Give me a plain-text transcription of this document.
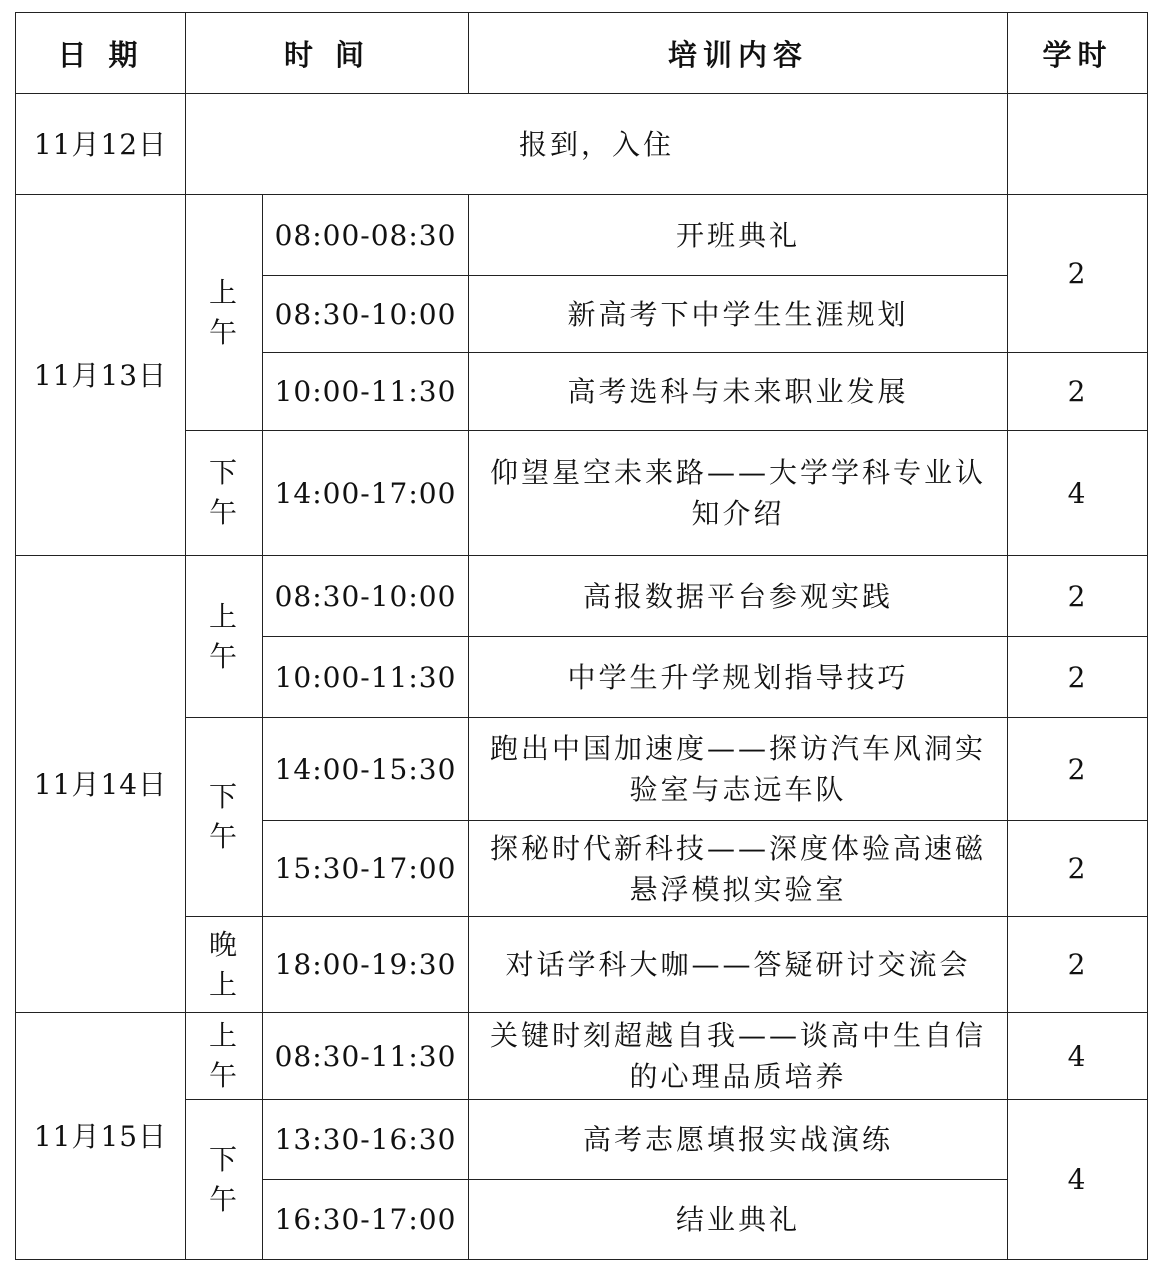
日 期	时 间		培训内容	学时
11月12日	报到，入住			
11月13日	上午	08:00-08:30	开班典礼	2
		08:30-10:00	新高考下中学生生涯规划	
		10:00-11:30	高考选科与未来职业发展	2
	下午	14:00-17:00	仰望星空未来路——大学学科专业认知介绍	4
11月14日	上午	08:30-10:00	高报数据平台参观实践	2
		10:00-11:30	中学生升学规划指导技巧	2
	下午	14:00-15:30	跑出中国加速度——探访汽车风洞实验室与志远车队	2
		15:30-17:00	探秘时代新科技——深度体验高速磁悬浮模拟实验室	2
	晚上	18:00-19:30	对话学科大咖——答疑研讨交流会	2
11月15日	上午	08:30-11:30	关键时刻超越自我——谈高中生自信的心理品质培养	4
	下午	13:30-16:30	高考志愿填报实战演练	4
		16:30-17:00	结业典礼	
